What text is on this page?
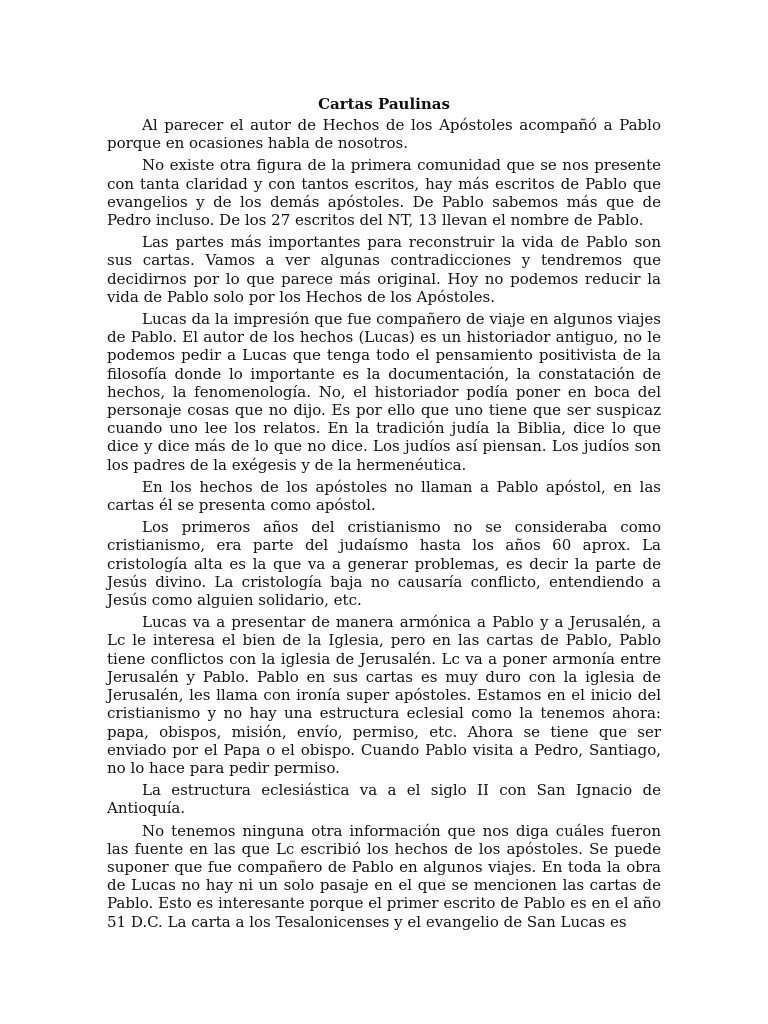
Cartas Paulinas

Al parecer el autor de Hechos de los Apóstoles acompañó a Pablo porque en ocasiones habla de nosotros.

No existe otra figura de la primera comunidad que se nos presente con tanta claridad y con tantos escritos, hay más escritos de Pablo que evangelios y de los demás apóstoles. De Pablo sabemos más que de Pedro incluso. De los 27 escritos del NT, 13 llevan el nombre de Pablo.

Las partes más importantes para reconstruir la vida de Pablo son sus cartas. Vamos a ver algunas contradicciones y tendremos que decidirnos por lo que parece más original. Hoy no podemos reducir la vida de Pablo solo por los Hechos de los Apóstoles.

Lucas da la impresión que fue compañero de viaje en algunos viajes de Pablo. El autor de los hechos (Lucas) es un historiador antiguo, no le podemos pedir a Lucas que tenga todo el pensamiento positivista de la filosofía donde lo importante es la documentación, la constatación de hechos, la fenomenología. No, el historiador podía poner en boca del personaje cosas que no dijo. Es por ello que uno tiene que ser suspicaz cuando uno lee los relatos. En la tradición judía la Biblia, dice lo que dice y dice más de lo que no dice. Los judíos así piensan. Los judíos son los padres de la exégesis y de la hermenéutica.

En los hechos de los apóstoles no llaman a Pablo apóstol, en las cartas él se presenta como apóstol.

Los primeros años del cristianismo no se consideraba como cristianismo, era parte del judaísmo hasta los años 60 aprox. La cristología alta es la que va a generar problemas, es decir la parte de Jesús divino. La cristología baja no causaría conflicto, entendiendo a Jesús como alguien solidario, etc.

Lucas va a presentar de manera armónica a Pablo y a Jerusalén, a Lc le interesa el bien de la Iglesia, pero en las cartas de Pablo, Pablo tiene conflictos con la iglesia de Jerusalén. Lc va a poner armonía entre Jerusalén y Pablo. Pablo en sus cartas es muy duro con la iglesia de Jerusalén, les llama con ironía super apóstoles. Estamos en el inicio del cristianismo y no hay una estructura eclesial como la tenemos ahora: papa, obispos, misión, envío, permiso, etc. Ahora se tiene que ser enviado por el Papa o el obispo. Cuando Pablo visita a Pedro, Santiago, no lo hace para pedir permiso.

La estructura eclesiástica va a el siglo II con San Ignacio de Antioquía.

No tenemos ninguna otra información que nos diga cuáles fueron las fuente en las que Lc escribió los hechos de los apóstoles. Se puede suponer que fue compañero de Pablo en algunos viajes. En toda la obra de Lucas no hay ni un solo pasaje en el que se mencionen las cartas de Pablo. Esto es interesante porque el primer escrito de Pablo es en el año 51 D.C. La carta a los Tesalonicenses y el evangelio de San Lucas es
